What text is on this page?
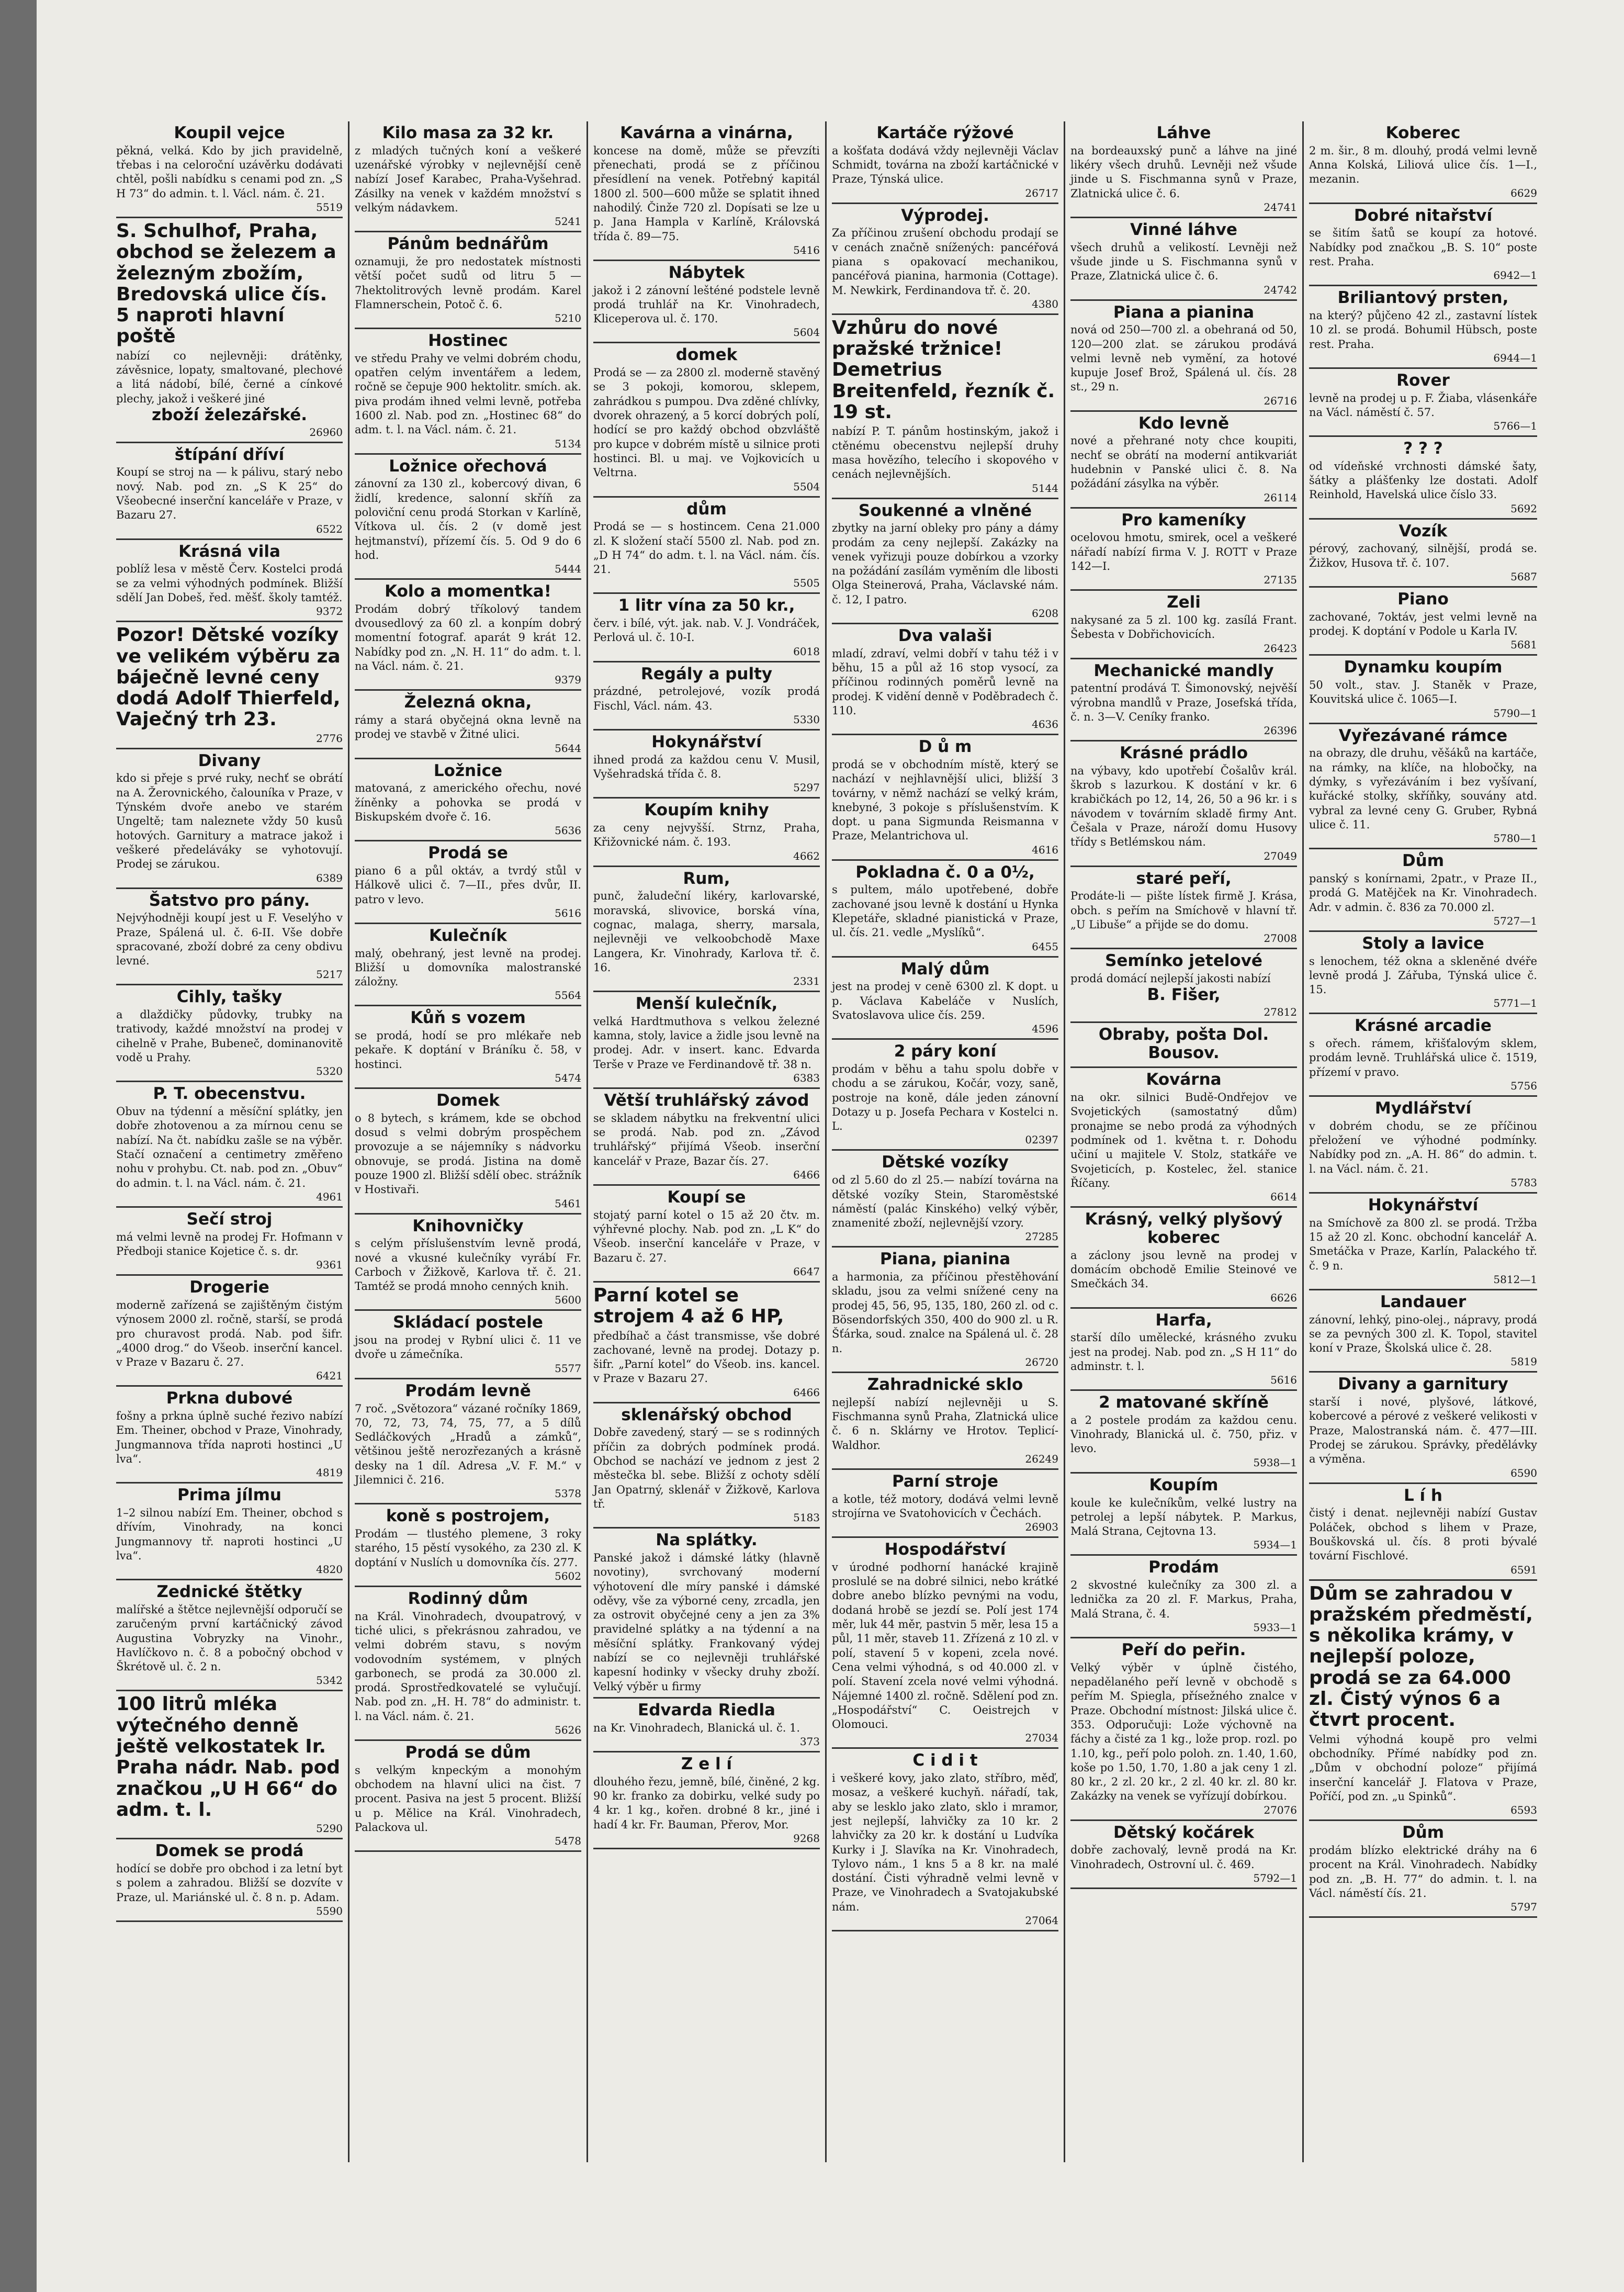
Koupil vejce
pěkná, velká. Kdo by jich pravidelně, třebas i na celoroční uzávěrku dodávati chtěl, pošli nabídku s cenami pod zn. „S H 73“ do admin. t. l. Václ. nám. č. 21.
5519
S. Schulhof, Praha, obchod se železem a železným zbožím, Bredovská ulice čís. 5 naproti hlavní poště
nabízí co nejlevněji: drátěnky, závěsnice, lopaty, smaltované, plechové a litá nádobí, bílé, černé a cínkové plechy, jakož i veškeré jiné
zboží železářské.
26960
štípání dříví
Koupí se stroj na — k pálivu, starý nebo nový. Nab. pod zn. „S K 25“ do Všeobecné inserční kanceláře v Praze, v Bazaru 27.
6522
Krásná vila
poblíž lesa v městě Červ. Kostelci prodá se za velmi výhodných podmínek. Bližší sdělí Jan Dobeš, řed. měšť. školy tamtéž.
9372
Pozor! Dětské vozíky ve velikém výběru za báječně levné ceny dodá Adolf Thierfeld, Vaječný trh 23.
2776
Divany
kdo si přeje s prvé ruky, nechť se obrátí na A. Žerovnického, čalouníka v Praze, v Týnském dvoře anebo ve starém Ungeltě; tam naleznete vždy 50 kusů hotových. Garnitury a matrace jakož i veškeré předeláváky se vyhotovují. Prodej se zárukou.
6389
Šatstvo pro pány.
Nejvýhodněji koupí jest u F. Veselýho v Praze, Spálená ul. č. 6-II. Vše dobře spracované, zboží dobré za ceny obdivu levné.
5217
Cihly, tašky
a dlaždičky půdovky, trubky na trativody, každé množství na prodej v cihelně v Prahe, Bubeneč, dominanovitě vodě u Prahy.
5320
P. T. obecenstvu.
Obuv na týdenní a měsíční splátky, jen dobře zhotovenou a za mírnou cenu se nabízí. Na čt. nabídku zašle se na výběr. Stačí označení a centimetry změřeno nohu v prohybu. Ct. nab. pod zn. „Obuv“ do admin. t. l. na Václ. nám. č. 21.
4961
Sečí stroj
má velmi levně na prodej Fr. Hofmann v Předboji stanice Kojetice č. s. dr.
9361
Drogerie
moderně zařízená se zajištěným čistým výnosem 2000 zl. ročně, starší, se prodá pro churavost prodá. Nab. pod šifr. „4000 drog.“ do Všeob. inserční kancel. v Praze v Bazaru č. 27.
6421
Prkna dubové
fošny a prkna úplně suché řezivo nabízí Em. Theiner, obchod v Praze, Vinohrady, Jungmannova třída naproti hostinci „U lva“.
4819
Prima jílmu
1–2 silnou nabízí Em. Theiner, obchod s dřívím, Vinohrady, na konci Jungmannovy tř. naproti hostinci „U lva“.
4820
Zednické štětky
malířské a štětce nejlevnější odporučí se zaručeným první kartáčnický závod Augustina Vobryzky na Vinohr., Havlíčkovo n. č. 8 a pobočný obchod v Škrétově ul. č. 2 n.
5342
100 litrů mléka výtečného denně ještě velkostatek Ir. Praha nádr. Nab. pod značkou „U H 66“ do adm. t. l.
5290
Domek se prodá
hodící se dobře pro obchod i za letní byt s polem a zahradou. Bližší se dozvíte v Praze, ul. Mariánské ul. č. 8 n. p. Adam.
5590
Kilo masa za 32 kr.
z mladých tučných koní a veškeré uzenářské výrobky v nejlevnější ceně nabízí Josef Karabec, Praha-Vyšehrad. Zásilky na venek v každém množství s velkým nádavkem.
5241
Pánům bednářům
oznamuji, že pro nedostatek místnosti větší počet sudů od litru 5 — 7hektolitrových levně prodám. Karel Flamnerschein, Potoč č. 6.
5210
Hostinec
ve středu Prahy ve velmi dobrém chodu, opatřen celým inventářem a ledem, ročně se čepuje 900 hektolitr. smích. ak. piva prodám ihned velmi levně, potřeba 1600 zl. Nab. pod zn. „Hostinec 68“ do adm. t. l. na Václ. nám. č. 21.
5134
Ložnice ořechová
zánovní za 130 zl., kobercový divan, 6 židlí, kredence, salonní skříň za poloviční cenu prodá Storkan v Karlíně, Vítkova ul. čís. 2 (v domě jest hejtmanství), přízemí čís. 5. Od 9 do 6 hod.
5444
Kolo a momentka!
Prodám dobrý tříkolový tandem dvousedlový za 60 zl. a konpím dobrý momentní fotograf. aparát 9 krát 12. Nabídky pod zn. „N. H. 11“ do adm. t. l. na Václ. nám. č. 21.
9379
Železná okna,
rámy a stará obyčejná okna levně na prodej ve stavbě v Žitné ulici.
5644
Ložnice
matovaná, z amerického ořechu, nové žíněnky a pohovka se prodá v Biskupském dvoře č. 16.
5636
Prodá se
piano 6 a půl oktáv, a tvrdý stůl v Hálkově ulici č. 7—II., přes dvůr, II. patro v levo.
5616
Kulečník
malý, obehraný, jest levně na prodej. Bližší u domovníka malostranské záložny.
5564
Kůň s vozem
se prodá, hodí se pro mlékaře neb pekaře. K doptání v Bráníku č. 58, v hostinci.
5474
Domek
o 8 bytech, s krámem, kde se obchod dosud s velmi dobrým prospěchem provozuje a se nájemníky s nádvorku obnovuje, se prodá. Jistina na domě pouze 1900 zl. Bližší sdělí obec. strážník v Hostivaři.
5461
Knihovničky
s celým příslušenstvím levně prodá, nové a vkusné kulečníky vyrábí Fr. Carboch v Žižkově, Karlova tř. č. 21. Tamtéž se prodá mnoho cenných knih.
5600
Skládací postele
jsou na prodej v Rybní ulici č. 11 ve dvoře u zámečníka.
5577
Prodám levně
7 roč. „Světozora“ vázané ročníky 1869, 70, 72, 73, 74, 75, 77, a 5 dílů Sedláčkových „Hradů a zámků“, většinou ještě nerozřezaných a krásně desky na 1 díl. Adresa „V. F. M.“ v Jilemnici č. 216.
5378
koně s postrojem,
Prodám — tlustého plemene, 3 roky starého, 15 pěstí vysokého, za 230 zl. K doptání v Nuslích u domovníka čís. 277.
5602
Rodinný dům
na Král. Vinohradech, dvoupatrový, v tiché ulici, s překrásnou zahradou, ve velmi dobrém stavu, s novým vodovodním systémem, v plných garbonech, se prodá za 30.000 zl. prodá. Sprostředkovatelé se vylučují. Nab. pod zn. „H. H. 78“ do administr. t. l. na Václ. nám. č. 21.
5626
Prodá se dům
s velkým knpeckým a monohým obchodem na hlavní ulici na čist. 7 procent. Pasiva na jest 5 procent. Bližší u p. Mělice na Král. Vinohradech, Palackova ul.
5478
Kavárna a vinárna,
koncese na domě, může se převzíti přenechati, prodá se z příčinou přesídlení na venek. Potřebný kapitál 1800 zl. 500—600 může se splatit ihned nahodilý. Činže 720 zl. Dopísati se lze u p. Jana Hampla v Karlíně, Královská třída č. 89—75.
5416
Nábytek
jakož i 2 zánovní lešténé podstele levně prodá truhlář na Kr. Vinohradech, Kliceperova ul. č. 170.
5604
domek
Prodá se — za 2800 zl. moderně stavěný se 3 pokoji, komorou, sklepem, zahrádkou s pumpou. Dva zděné chlívky, dvorek ohrazený, a 5 korcí dobrých polí, hodící se pro každý obchod obzvláště pro kupce v dobrém místě u silnice proti hostinci. Bl. u maj. ve Vojkovicích u Veltrna.
5504
dům
Prodá se — s hostincem. Cena 21.000 zl. K složení stačí 5500 zl. Nab. pod zn. „D H 74“ do adm. t. l. na Václ. nám. čís. 21.
5505
1 litr vína za 50 kr.,
červ. i bílé, výt. jak. nab. V. J. Vondráček, Perlová ul. č. 10-I.
6018
Regály a pulty
prázdné, petrolejové, vozík prodá Fischl, Václ. nám. 43.
5330
Hokynářství
ihned prodá za každou cenu V. Musil, Vyšehradská třída č. 8.
5297
Koupím knihy
za ceny nejvyšší. Strnz, Praha, Křižovnické nám. č. 193.
4662
Rum,
punč, žaludeční likéry, karlovarské, moravská, slivovice, borská vína, cognac, malaga, sherry, marsala, nejlevněji ve velkoobchodě Maxe Langera, Kr. Vinohrady, Karlova tř. č. 16.
2331
Menší kulečník,
velká Hardtmuthova s velkou železné kamna, stoly, lavice a židle jsou levně na prodej. Adr. v insert. kanc. Edvarda Terše v Praze ve Ferdinandově tř. 38 n.
6383
Větší truhlářský závod
se skladem nábytku na frekventní ulici se prodá. Nab. pod zn. „Závod truhlářský“ přijímá Všeob. inserční kancelář v Praze, Bazar čís. 27.
6466
Koupí se
stojatý parní kotel o 15 až 20 čtv. m. výhřevné plochy. Nab. pod zn. „L K“ do Všeob. inserční kanceláře v Praze, v Bazaru č. 27.
6647
Parní kotel se strojem 4 až 6 HP,
předbíhač a část transmisse, vše dobré zachované, levně na prodej. Dotazy p. šifr. „Parní kotel“ do Všeob. ins. kancel. v Praze v Bazaru 27.
6466
sklenářský obchod
Dobře zavedený, starý — se s rodinných příčin za dobrých podmínek prodá. Obchod se nachází ve jednom z jest 2 městečka bl. sebe. Bližší z ochoty sdělí Jan Opatrný, sklenář v Žižkově, Karlova tř.
5183
Na splátky.
Panské jakož i dámské látky (hlavně novotiny), svrchovaný moderní výhotovení dle míry panské i dámské oděvy, vše za výborné ceny, zrcadla, jen za ostrovit obyčejné ceny a jen za 3% pravidelné splátky a na týdenní a na měsíční splátky. Frankovaný výdej nabízí se co nejlevněji truhlářské kapesní hodinky v všecky druhy zboží. Velký výběr u firmy
Edvarda Riedla
na Kr. Vinohradech, Blanická ul. č. 1.
373
Z e l í
dlouhého řezu, jemně, bílé, činěné, 2 kg. 90 kr. franko za dobirku, velké sudy po 4 kr. 1 kg., kořen. drobné 8 kr., jiné i hadí 4 kr. Fr. Bauman, Přerov, Mor.
9268
Kartáče rýžové
a košťata dodává vždy nejlevněji Václav Schmidt, továrna na zboží kartáčnické v Praze, Týnská ulice.
26717
Výprodej.
Za příčinou zrušení obchodu prodají se v cenách značně snížených: pancéřová piana s opakovací mechanikou, pancéřová pianina, harmonia (Cottage). M. Newkirk, Ferdinandova tř. č. 20.
4380
Vzhůru do nové pražské tržnice! Demetrius Breitenfeld, řezník č. 19 st.
nabízí P. T. pánům hostinským, jakož i ctěnému obecenstvu nejlepší druhy masa hovězího, telecího i skopového v cenách nejlevnějších.
5144
Soukenné a vlněné
zbytky na jarní obleky pro pány a dámy prodám za ceny nejlepší. Zakázky na venek vyřizuji pouze dobírkou a vzorky na požádání zasílám vyměním dle libosti Olga Steinerová, Praha, Václavské nám. č. 12, I patro.
6208
Dva valaši
mladí, zdraví, velmi dobří v tahu též i v běhu, 15 a půl až 16 stop vysocí, za příčinou rodinných poměrů levně na prodej. K vidění denně v Poděbradech č. 110.
4636
D ů m
prodá se v obchodním místě, který se nachází v nejhlavnější ulici, bližší 3 továrny, v němž nachází se velký krám, knebyné, 3 pokoje s příslušenstvím. K dopt. u pana Sigmunda Reismanna v Praze, Melantrichova ul.
4616
Pokladna č. 0 a 0½,
s pultem, málo upotřebené, dobře zachované jsou levně k dostání u Hynka Klepetáře, skladné pianistická v Praze, ul. čís. 21. vedle „Myslíků“.
6455
Malý dům
jest na prodej v ceně 6300 zl. K dopt. u p. Václava Kabeláče v Nuslích, Svatoslavova ulice čís. 259.
4596
2 páry koní
prodám v běhu a tahu spolu dobře v chodu a se zárukou, Kočár, vozy, saně, postroje na koně, dále jeden zánovní Dotazy u p. Josefa Pechara v Kostelci n. L.
02397
Dětské vozíky
od zl 5.60 do zl 25.— nabízí továrna na dětské vozíky Stein, Staroměstské náměstí (palác Kinského) velký výběr, znamenité zboží, nejlevnější vzory.
27285
Piana, pianina
a harmonia, za příčinou přestěhování skladu, jsou za velmi snížené ceny na prodej 45, 56, 95, 135, 180, 260 zl. od c. Bösendorfských 350, 400 do 900 zl. u R. Šťárka, soud. znalce na Spálená ul. č. 28 n.
26720
Zahradnické sklo
nejlepší nabízí nejlevněji u S. Fischmanna synů Praha, Zlatnická ulice č. 6 n. Sklárny ve Hrotov. Teplicí-Waldhor.
26249
Parní stroje
a kotle, též motory, dodává velmi levně strojírna ve Svatohovicích v Čechách.
26903
Hospodářství
v úrodné podhorní hanácké krajině proslulé se na dobré silnici, nebo krátké dobre anebo blízko pevnými na vodu, dodaná hrobě se jezdí se. Polí jest 174 měr, luk 44 měr, pastvin 5 měr, lesa 15 a půl, 11 měr, staveb 11. Zřízená z 10 zl. v polí, stavení 5 v kopeni, zcela nové. Cena velmi výhodná, s od 40.000 zl. v polí. Stavení zcela nové velmi výhodná. Nájemné 1400 zl. ročně. Sdělení pod zn. „Hospodářství“ C. Oeistrejch v Olomouci.
27034
C i d i t
i veškeré kovy, jako zlato, stříbro, měď, mosaz, a veškeré kuchyň. nářadí, tak, aby se lesklo jako zlato, sklo i mramor, jest nejlepší, lahvičky za 10 kr. 2 lahvičky za 20 kr. k dostání u Ludvíka Kurky i J. Slavíka na Kr. Vinohradech, Tylovo nám., 1 kns 5 a 8 kr. na malé dostání. Čisti výhradně velmi levně v Praze, ve Vinohradech a Svatojakubské nám.
27064
Láhve
na bordeauxský punč a láhve na jiné likéry všech druhů. Levněji než všude jinde u S. Fischmanna synů v Praze, Zlatnická ulice č. 6.
24741
Vinné láhve
všech druhů a velikostí. Levněji než všude jinde u S. Fischmanna synů v Praze, Zlatnická ulice č. 6.
24742
Piana a pianina
nová od 250—700 zl. a obehraná od 50, 120—200 zlat. se zárukou prodává velmi levně neb vymění, za hotové kupuje Josef Brož, Spálená ul. čís. 28 st., 29 n.
26716
Kdo levně
nové a přehrané noty chce koupiti, nechť se obrátí na moderní antikvariát hudebnin v Panské ulici č. 8. Na požádání zásylka na výběr.
26114
Pro kameníky
ocelovou hmotu, smirek, ocel a veškeré nářadí nabízí firma V. J. ROTT v Praze 142—I.
27135
Zeli
nakysané za 5 zl. 100 kg. zasílá Frant. Šebesta v Dobřichovicích.
26423
Mechanické mandly
patentní prodává T. Šimonovský, nejvěší výrobna mandlů v Praze, Josefská třída, č. n. 3—V. Ceníky franko.
26396
Krásné prádlo
na výbavy, kdo upotřebí Čošalův král. škrob s lazurkou. K dostání v kr. 6 krabičkách po 12, 14, 26, 50 a 96 kr. i s návodem v továrním skladě firmy Ant. Češala v Praze, nároží domu Husovy třídy s Betlémskou nám.
27049
staré peří,
Prodáte-li — pište lístek firmě J. Krása, obch. s peřím na Smíchově v hlavní tř. „U Libuše“ a přijde se do domu.
27008
Semínko jetelové
prodá domácí nejlepší jakosti nabízí
B. Fišer,
27812
Obraby, pošta Dol. Bousov.
Kovárna
na okr. silnici Budě-Ondřejov ve Svojetických (samostatný dům) pronajme se nebo prodá za výhodných podmínek od 1. května t. r. Dohodu učiní u majitele V. Stolz, statkáře ve Svojeticích, p. Kostelec, žel. stanice Říčany.
6614
Krásný, velký plyšový koberec
a záclony jsou levně na prodej v domácím obchodě Emilie Steinové ve Smečkách 34.
6626
Harfa,
starší dílo umělecké, krásného zvuku jest na prodej. Nab. pod zn. „S H 11“ do adminstr. t. l.
5616
2 matované skříně
a 2 postele prodám za každou cenu. Vinohrady, Blanická ul. č. 750, přiz. v levo.
5938—1
Koupím
koule ke kulečníkům, velké lustry na petrolej a lepší nábytek. P. Markus, Malá Strana, Cejtovna 13.
5934—1
Prodám
2 skvostné kulečníky za 300 zl. a lednička za 20 zl. F. Markus, Praha, Malá Strana, č. 4.
5933—1
Peří do peřin.
Velký výběr v úplně čistého, nepadělaného peří levně v obchodě s peřím M. Spiegla, přísežného znalce v Praze. Obchodní místnost: Jilská ulice č. 353. Odporučuji: Lože výchovně na fáchy a čisté za 1 kg., lože prop. rozl. po 1.10, kg., peří polo poloh. zn. 1.40, 1.60, koše po 1.50, 1.70, 1.80 a jak ceny 1 zl. 80 kr., 2 zl. 20 kr., 2 zl. 40 kr. zl. 80 kr. Zakázky na venek se vyřízují dobírkou.
27076
Dětský kočárek
dobře zachovalý, levně prodá na Kr. Vinohradech, Ostrovní ul. č. 469.
5792—1
Koberec
2 m. šir., 8 m. dlouhý, prodá velmi levně Anna Kolská, Liliová ulice čís. 1—I., mezanin.
6629
Dobré nitařství
se šitím šatů se koupí za hotové. Nabídky pod značkou „B. S. 10“ poste rest. Praha.
6942—1
Briliantový prsten,
na který? půjčeno 42 zl., zastavní lístek 10 zl. se prodá. Bohumil Hübsch, poste rest. Praha.
6944—1
Rover
levně na prodej u p. F. Žiaba, vlásenkáře na Václ. náměstí č. 57.
5766—1
? ? ?
od vídeňské vrchnosti dámské šaty, šátky a plášťenky lze dostati. Adolf Reinhold, Havelská ulice číslo 33.
5692
Vozík
pérový, zachovaný, silnější, prodá se. Žižkov, Husova tř. č. 107.
5687
Piano
zachované, 7oktáv, jest velmi levně na prodej. K doptání v Podole u Karla IV.
5681
Dynamku koupím
50 volt., stav. J. Staněk v Praze, Kouvitská ulice č. 1065—I.
5790—1
Vyřezávané rámce
na obrazy, dle druhu, věšáků na kartáče, na rámky, na klíče, na hlobočky, na dýmky, s vyřezáváním i bez vyšívaní, kuřácké stolky, skříňky, souvány atd. vybral za levné ceny G. Gruber, Rybná ulice č. 11.
5780—1
Dům
panský s konírnami, 2patr., v Praze II., prodá G. Matějček na Kr. Vinohradech. Adr. v admin. č. 836 za 70.000 zl.
5727—1
Stoly a lavice
s lenochem, též okna a skleněné dvéře levně prodá J. Zářuba, Týnská ulice č. 15.
5771—1
Krásné arcadie
s ořech. rámem, křišťalovým sklem, prodám levně. Truhlářská ulice č. 1519, přízemí v pravo.
5756
Mydlářství
v dobrém chodu, se ze příčinou přeložení ve výhodné podmínky. Nabídky pod zn. „A. H. 86“ do admin. t. l. na Václ. nám. č. 21.
5783
Hokynářství
na Smíchově za 800 zl. se prodá. Tržba 15 až 20 zl. Konc. obchodní kancelář A. Smetáčka v Praze, Karlín, Palackého tř. č. 9 n.
5812—1
Landauer
zánovní, lehký, pino-olej., nápravy, prodá se za pevných 300 zl. K. Topol, stavitel koní v Praze, Školská ulice č. 28.
5819
Divany a garnitury
starší i nové, plyšové, látkové, kobercové a pérové z veškeré velikosti v Praze, Malostranská nám. č. 477—III. Prodej se zárukou. Správky, předělávky a výměna.
6590
L í h
čistý i denat. nejlevněji nabízí Gustav Poláček, obchod s lihem v Praze, Bouškovská ul. čís. 8 proti bývalé tovární Fischlové.
6591
Dům se zahradou v pražském předměstí, s několika krámy, v nejlepší poloze, prodá se za 64.000 zl. Čistý výnos 6 a čtvrt procent.
Velmi výhodná koupě pro velmi obchodníky. Přímé nabídky pod zn. „Dům v obchodní poloze“ přijímá inserční kancelář J. Flatova v Praze, Poříčí, pod zn. „u Spinků“.
6593
Dům
prodám blízko elektrické dráhy na 6 procent na Král. Vinohradech. Nabídky pod zn. „B. H. 77“ do admin. t. l. na Václ. náměstí čís. 21.
5797
